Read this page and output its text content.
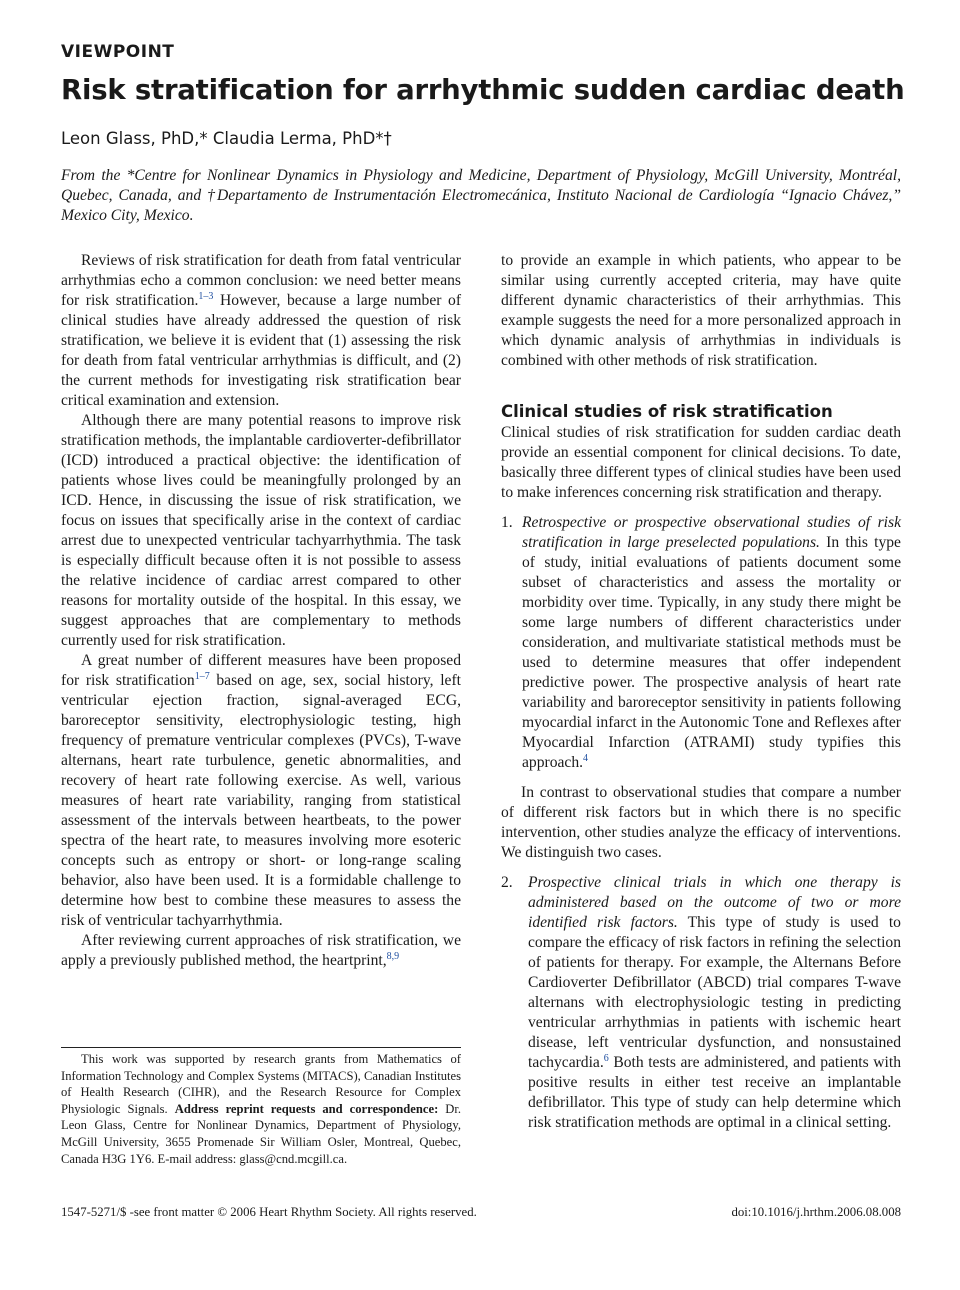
VIEWPOINT
Risk stratification for arrhythmic sudden cardiac death
Leon Glass, PhD,* Claudia Lerma, PhD*†
From the *Centre for Nonlinear Dynamics in Physiology and Medicine, Department of Physiology, McGill University, Montréal, Quebec, Canada, and †Departamento de Instrumentación Electromecánica, Instituto Nacional de Cardiología “Ignacio Chávez,” Mexico City, Mexico.

Reviews of risk stratification for death from fatal ventricular arrhythmias echo a common conclusion: we need better means for risk stratification.$^{1-3}$ However, because a large number of clinical studies have already addressed the question of risk stratification, we believe it is evident that (1) assessing the risk for death from fatal ventricular arrhythmias is difficult, and (2) the current methods for investigating risk stratification bear critical examination and extension.

Although there are many potential reasons to improve risk stratification methods, the implantable cardioverter-defibrillator (ICD) introduced a practical objective: the identification of patients whose lives could be meaningfully prolonged by an ICD. Hence, in discussing the issue of risk stratification, we focus on issues that specifically arise in the context of cardiac arrest due to unexpected ventricular tachyarrhythmia. The task is especially difficult because often it is not possible to assess the relative incidence of cardiac arrest compared to other reasons for mortality outside of the hospital. In this essay, we suggest approaches that are complementary to methods currently used for risk stratification.

A great number of different measures have been proposed for risk stratification$^{1-7}$ based on age, sex, social history, left ventricular ejection fraction, signal-averaged ECG, baroreceptor sensitivity, electrophysiologic testing, high frequency of premature ventricular complexes (PVCs), T-wave alternans, heart rate turbulence, genetic abnormalities, and recovery of heart rate following exercise. As well, various measures of heart rate variability, ranging from statistical assessment of the intervals between heartbeats, to the power spectra of the heart rate, to measures involving more esoteric concepts such as entropy or short- or long-range scaling behavior, also have been used. It is a formidable challenge to determine how best to combine these measures to assess the risk of ventricular tachyarrhythmia.

After reviewing current approaches of risk stratification, we apply a previously published method, the heartprint,$^{8,9}$

This work was supported by research grants from Mathematics of Information Technology and Complex Systems (MITACS), Canadian Institutes of Health Research (CIHR), and the Research Resource for Complex Physiologic Signals. Address reprint requests and correspondence: Dr. Leon Glass, Centre for Nonlinear Dynamics, Department of Physiology, McGill University, 3655 Promenade Sir William Osler, Montreal, Quebec, Canada H3G 1Y6. E-mail address: glass@cnd.mcgill.ca.

to provide an example in which patients, who appear to be similar using currently accepted criteria, may have quite different dynamic characteristics of their arrhythmias. This example suggests the need for a more personalized approach in which dynamic analysis of arrhythmias in individuals is combined with other methods of risk stratification.

Clinical studies of risk stratification

Clinical studies of risk stratification for sudden cardiac death provide an essential component for clinical decisions. To date, basically three different types of clinical studies have been used to make inferences concerning risk stratification and therapy.

1. Retrospective or prospective observational studies of risk stratification in large preselected populations. In this type of study, initial evaluations of patients document some subset of characteristics and assess the mortality or morbidity over time. Typically, in any study there might be some large numbers of different characteristics under consideration, and multivariate statistical methods must be used to determine measures that offer independent predictive power. The prospective analysis of heart rate variability and baroreceptor sensitivity in patients following myocardial infarct in the Autonomic Tone and Reflexes after Myocardial Infarction (ATRAMI) study typifies this approach.$^4$

In contrast to observational studies that compare a number of different risk factors but in which there is no specific intervention, other studies analyze the efficacy of interventions. We distinguish two cases.

2. Prospective clinical trials in which one therapy is administered based on the outcome of two or more identified risk factors. This type of study is used to compare the efficacy of risk factors in refining the selection of patients for therapy. For example, the Alternans Before Cardioverter Defibrillator (ABCD) trial compares T-wave alternans with electrophysiologic testing in predicting ventricular arrhythmias in patients with ischemic heart disease, left ventricular dysfunction, and nonsustained tachycardia.$^6$ Both tests are administered, and patients with positive results in either test receive an implantable defibrillator. This type of study can help determine which risk stratification methods are optimal in a clinical setting.
1547-5271/$ -see front matter © 2006 Heart Rhythm Society. All rights reserved.	doi:10.1016/j.hrthm.2006.08.008
